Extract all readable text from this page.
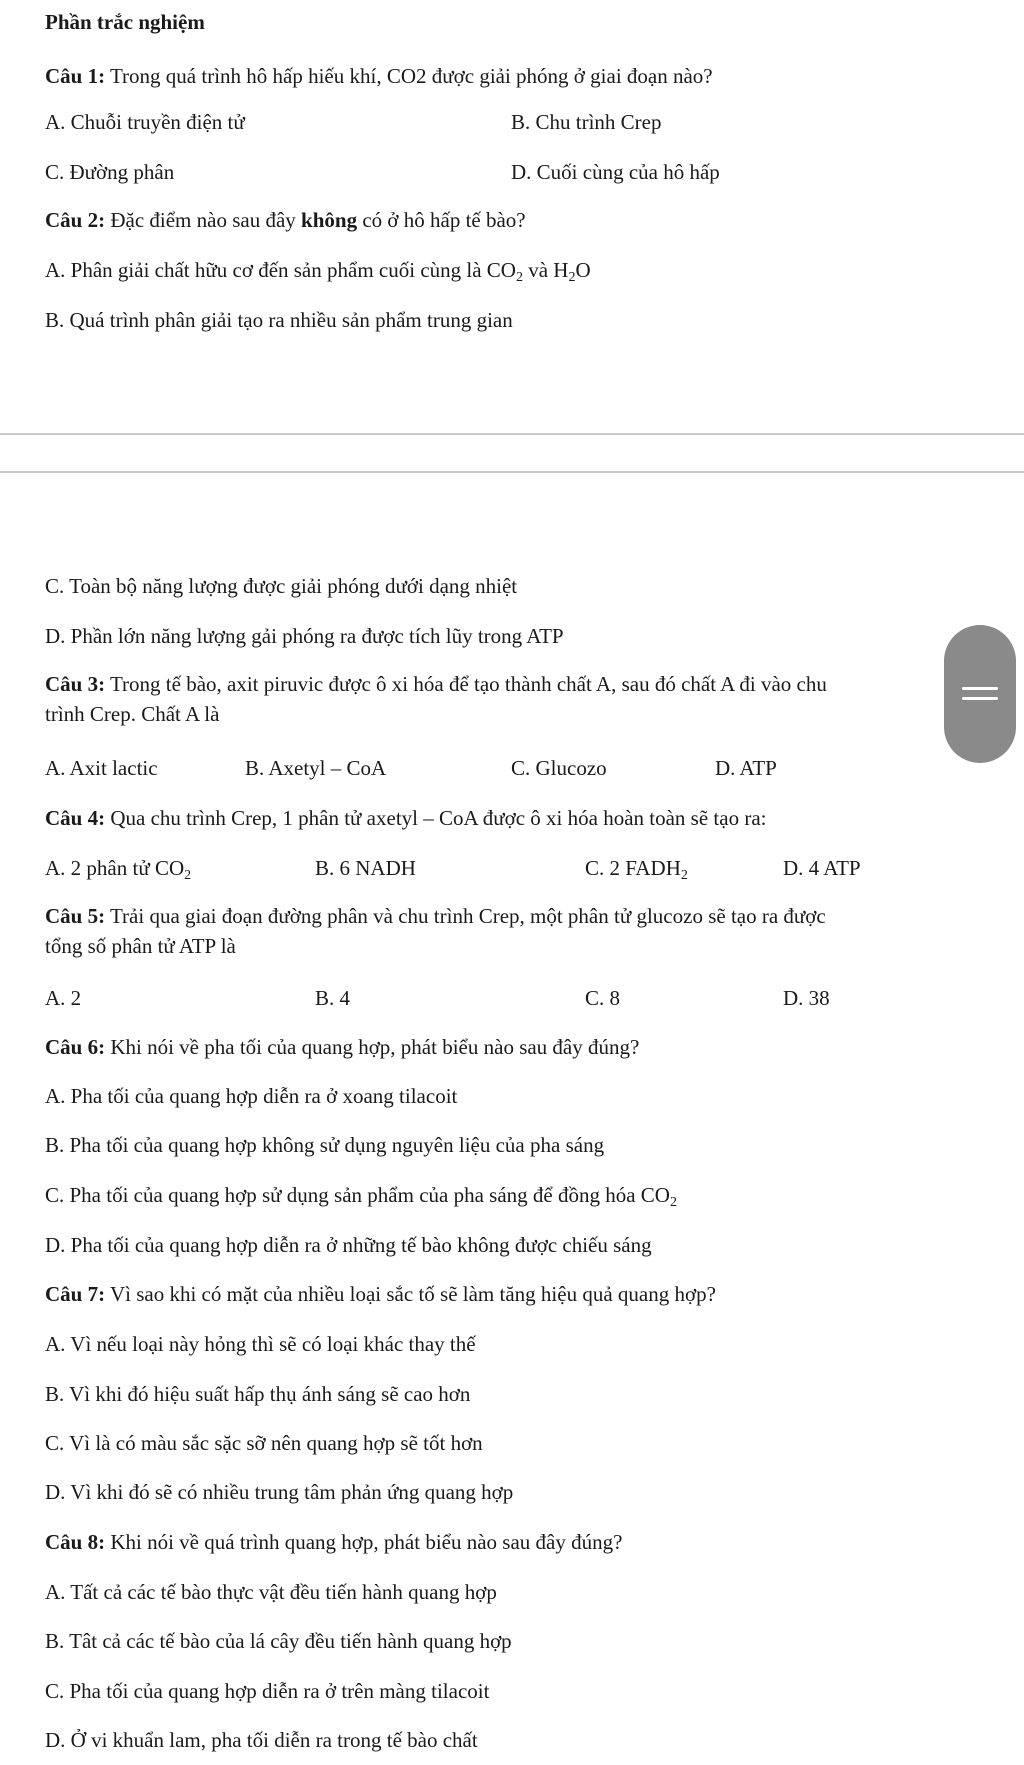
Phần trắc nghiệm
Câu 1: Trong quá trình hô hấp hiếu khí, CO2 được giải phóng ở giai đoạn nào?
A. Chuỗi truyền điện tử	B. Chu trình Crep
C. Đường phân	D. Cuối cùng của hô hấp
Câu 2: Đặc điểm nào sau đây không có ở hô hấp tế bào?
A. Phân giải chất hữu cơ đến sản phẩm cuối cùng là $CO_2$ và $H_2O$
B. Quá trình phân giải tạo ra nhiều sản phẩm trung gian
C. Toàn bộ năng lượng được giải phóng dưới dạng nhiệt
D. Phần lớn năng lượng gải phóng ra được tích lũy trong ATP
Câu 3: Trong tế bào, axit piruvic được ô xi hóa để tạo thành chất A, sau đó chất A đi vào chu
trình Crep. Chất A là
A. Axit lactic	B. Axetyl – CoA	C. Glucozo	D. ATP
Câu 4: Qua chu trình Crep, 1 phân tử axetyl – CoA được ô xi hóa hoàn toàn sẽ tạo ra:
A. 2 phân tử $CO_2$	B. 6 NADH	C. 2 $FADH_2$	D. 4 ATP
Câu 5: Trải qua giai đoạn đường phân và chu trình Crep, một phân tử glucozo sẽ tạo ra được
tổng số phân tử ATP là
A. 2	B. 4	C. 8	D. 38
Câu 6: Khi nói về pha tối của quang hợp, phát biểu nào sau đây đúng?
A. Pha tối của quang hợp diễn ra ở xoang tilacoit
B. Pha tối của quang hợp không sử dụng nguyên liệu của pha sáng
C. Pha tối của quang hợp sử dụng sản phẩm của pha sáng để đồng hóa $CO_2$
D. Pha tối của quang hợp diễn ra ở những tế bào không được chiếu sáng
Câu 7: Vì sao khi có mặt của nhiều loại sắc tố sẽ làm tăng hiệu quả quang hợp?
A. Vì nếu loại này hỏng thì sẽ có loại khác thay thế
B. Vì khi đó hiệu suất hấp thụ ánh sáng sẽ cao hơn
C. Vì là có màu sắc sặc sỡ nên quang hợp sẽ tốt hơn
D. Vì khi đó sẽ có nhiều trung tâm phản ứng quang hợp
Câu 8: Khi nói về quá trình quang hợp, phát biểu nào sau đây đúng?
A. Tất cả các tế bào thực vật đều tiến hành quang hợp
B. Tât cả các tế bào của lá cây đều tiến hành quang hợp
C. Pha tối của quang hợp diễn ra ở trên màng tilacoit
D. Ở vi khuẩn lam, pha tối diễn ra trong tế bào chất
